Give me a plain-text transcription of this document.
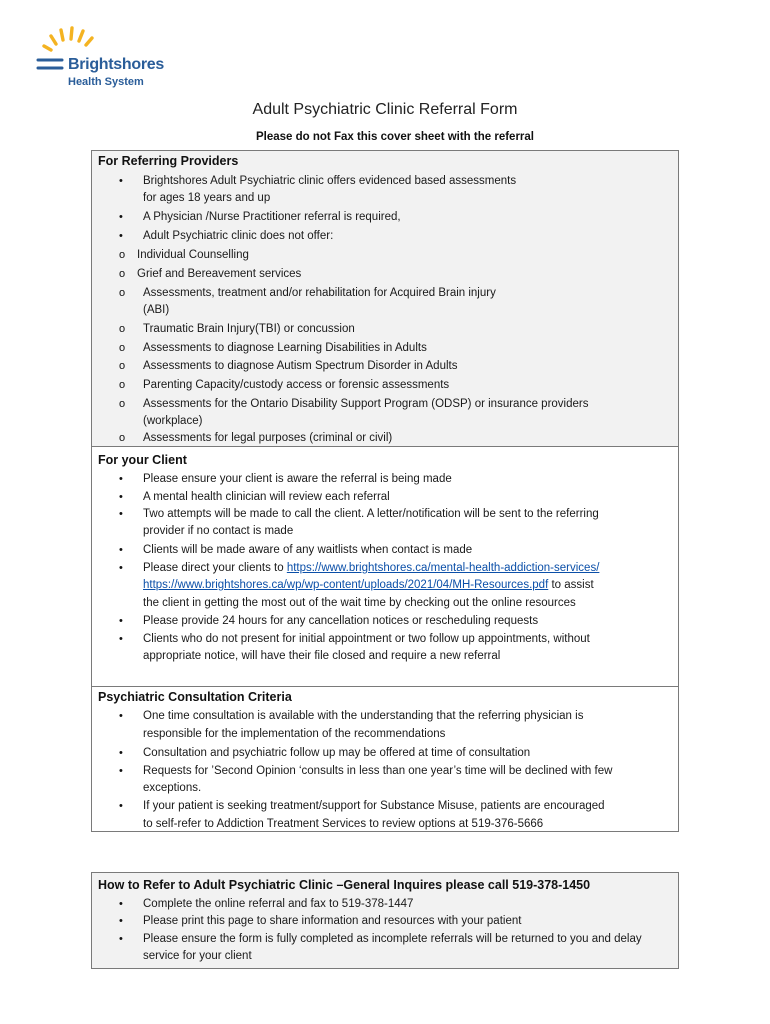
Brightshores
Health System
Adult Psychiatric Clinic Referral Form
Please do not Fax this cover sheet with the referral
For Referring Providers
• Brightshores Adult Psychiatric clinic offers evidenced based assessments
for ages 18 years and up
• A Physician /Nurse Practitioner referral is required,
• Adult Psychiatric clinic does not offer:
o Individual Counselling
o Grief and Bereavement services
o Assessments, treatment and/or rehabilitation for Acquired Brain injury
(ABI)
o Traumatic Brain Injury(TBI) or concussion
o Assessments to diagnose Learning Disabilities in Adults
o Assessments to diagnose Autism Spectrum Disorder in Adults
o Parenting Capacity/custody access or forensic assessments
o Assessments for the Ontario Disability Support Program (ODSP) or insurance providers
(workplace)
o Assessments for legal purposes (criminal or civil)
For your Client
• Please ensure your client is aware the referral is being made
• A mental health clinician will review each referral
• Two attempts will be made to call the client. A letter/notification will be sent to the referring
provider if no contact is made
• Clients will be made aware of any waitlists when contact is made
• Please direct your clients to https://www.brightshores.ca/mental-health-addiction-services/
https://www.brightshores.ca/wp/wp-content/uploads/2021/04/MH-Resources.pdf to assist
the client in getting the most out of the wait time by checking out the online resources
• Please provide 24 hours for any cancellation notices or rescheduling requests
• Clients who do not present for initial appointment or two follow up appointments, without
appropriate notice, will have their file closed and require a new referral
Psychiatric Consultation Criteria
• One time consultation is available with the understanding that the referring physician is
responsible for the implementation of the recommendations
• Consultation and psychiatric follow up may be offered at time of consultation
• Requests for ’Second Opinion ‘consults in less than one year’s time will be declined with few
exceptions.
• If your patient is seeking treatment/support for Substance Misuse, patients are encouraged
to self-refer to Addiction Treatment Services to review options at 519-376-5666
How to Refer to Adult Psychiatric Clinic –General Inquires please call 519-378-1450
• Complete the online referral and fax to 519-378-1447
• Please print this page to share information and resources with your patient
• Please ensure the form is fully completed as incomplete referrals will be returned to you and delay
service for your client
